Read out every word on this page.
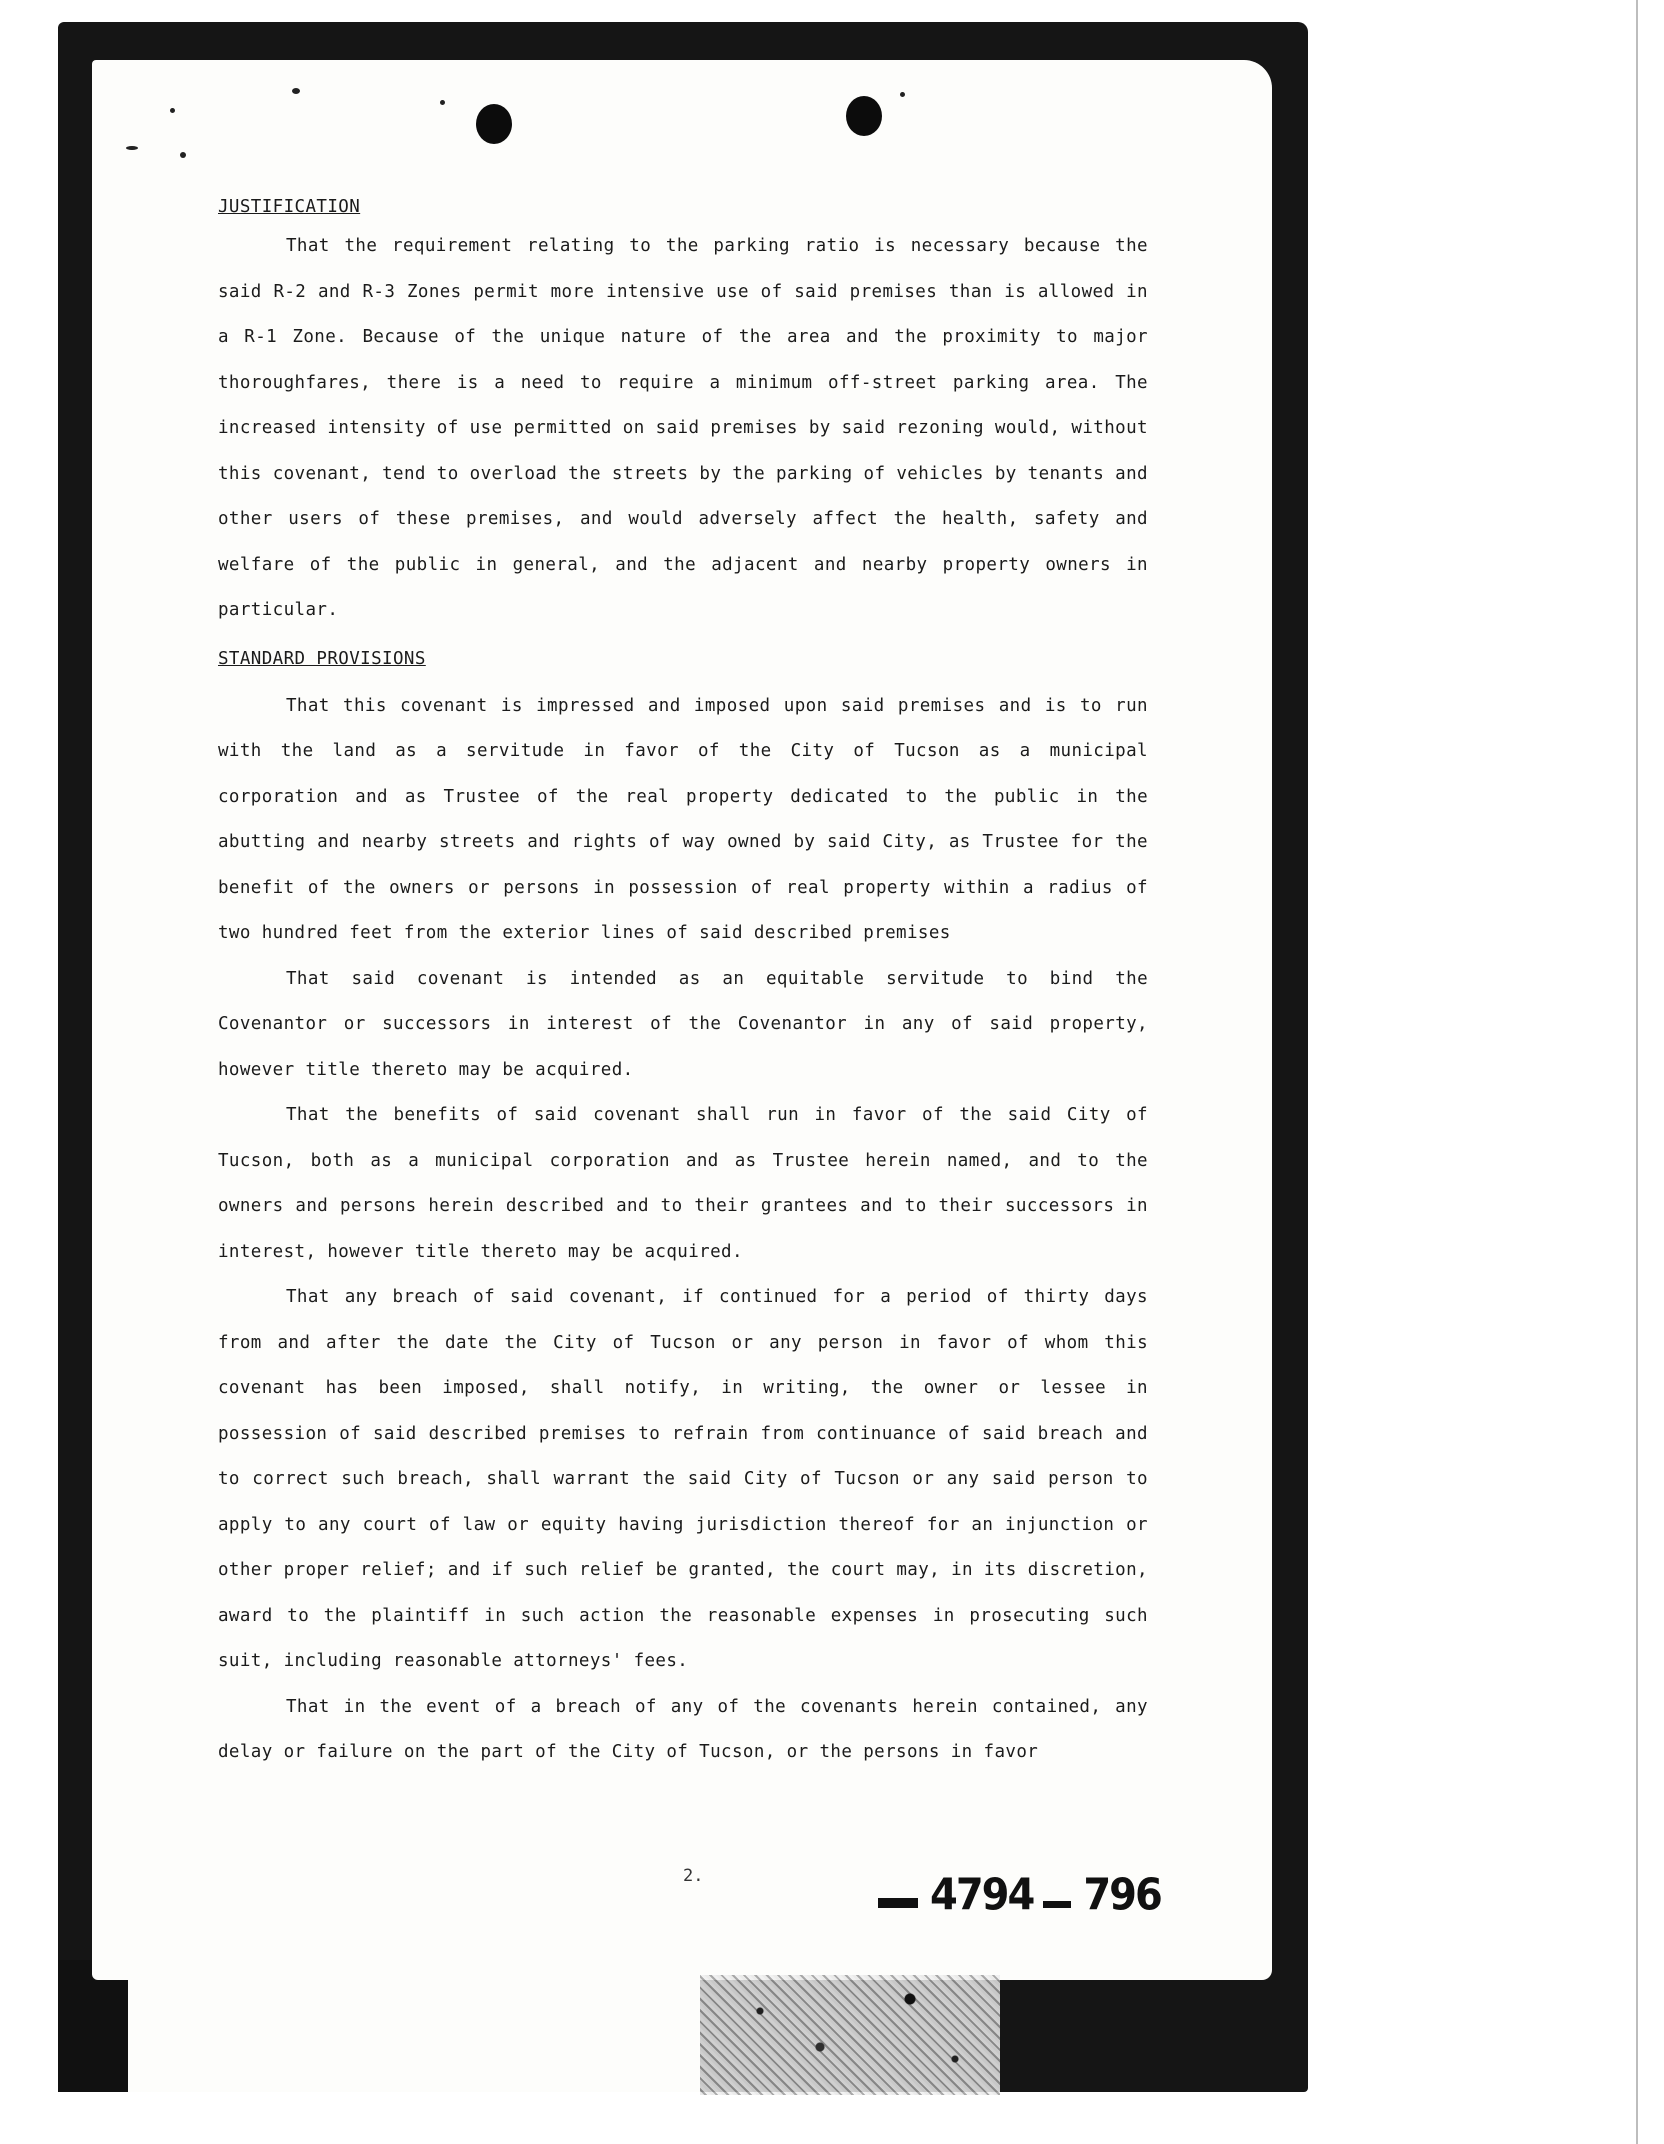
JUSTIFICATION

That the requirement relating to the parking ratio is necessary because the said R-2 and R-3 Zones permit more intensive use of said premises than is allowed in a R-1 Zone. Because of the unique nature of the area and the proximity to major thoroughfares, there is a need to require a minimum off-street parking area. The increased intensity of use permitted on said premises by said rezoning would, without this covenant, tend to overload the streets by the parking of vehicles by tenants and other users of these premises, and would adversely affect the health, safety and welfare of the public in general, and the adjacent and nearby property owners in particular.

STANDARD PROVISIONS

That this covenant is impressed and imposed upon said premises and is to run with the land as a servitude in favor of the City of Tucson as a municipal corporation and as Trustee of the real property dedicated to the public in the abutting and nearby streets and rights of way owned by said City, as Trustee for the benefit of the owners or persons in possession of real property within a radius of two hundred feet from the exterior lines of said described premises

That said covenant is intended as an equitable servitude to bind the Covenantor or successors in interest of the Covenantor in any of said property, however title thereto may be acquired.

That the benefits of said covenant shall run in favor of the said City of Tucson, both as a municipal corporation and as Trustee herein named, and to the owners and persons herein described and to their grantees and to their successors in interest, however title thereto may be acquired.

That any breach of said covenant, if continued for a period of thirty days from and after the date the City of Tucson or any person in favor of whom this covenant has been imposed, shall notify, in writing, the owner or lessee in possession of said described premises to refrain from continuance of said breach and to correct such breach, shall warrant the said City of Tucson or any said person to apply to any court of law or equity having jurisdiction thereof for an injunction or other proper relief; and if such relief be granted, the court may, in its discretion, award to the plaintiff in such action the reasonable expenses in prosecuting such suit, including reasonable attorneys' fees.

That in the event of a breach of any of the covenants herein contained, any delay or failure on the part of the City of Tucson, or the persons in favor

2.	4794 796
